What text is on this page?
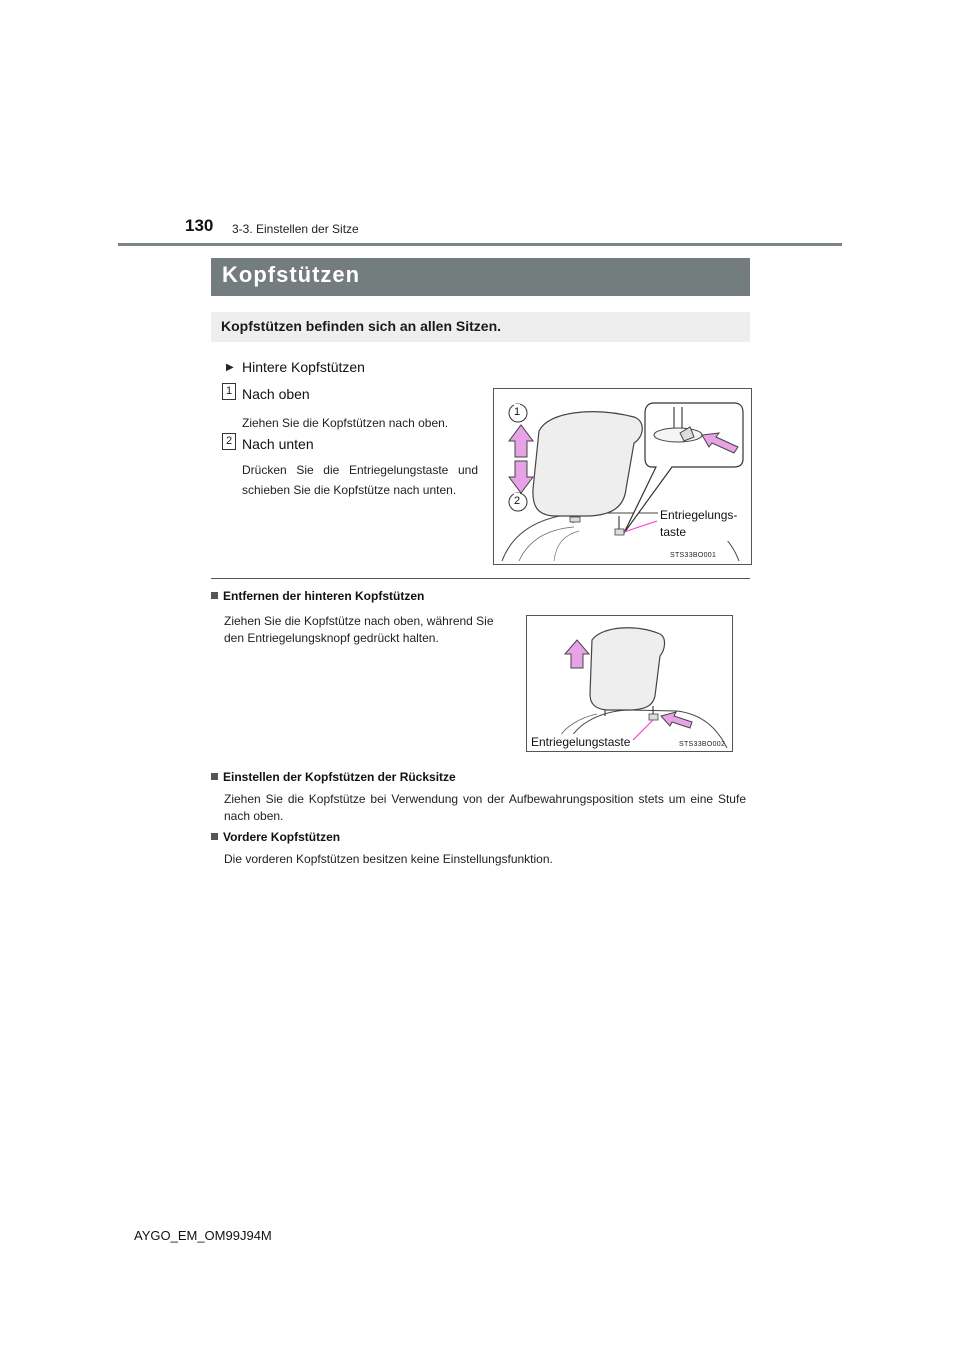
130 3-3. Einstellen der Sitze
Kopfstützen
Kopfstützen befinden sich an allen Sitzen.
▶ Hintere Kopfstützen
1 Nach oben
Ziehen Sie die Kopfstützen nach oben.
2 Nach unten
Drücken Sie die Entriegelungstaste und schieben Sie die Kopfstütze nach unten.
1
2
Entriegelungs-
taste
STS33BO001
Entfernen der hinteren Kopfstützen
Ziehen Sie die Kopfstütze nach oben, während Sie den Entriegelungsknopf gedrückt halten.
Entriegelungstaste	STS33BO002
Einstellen der Kopfstützen der Rücksitze
Ziehen Sie die Kopfstütze bei Verwendung von der Aufbewahrungsposition stets um eine Stufe nach oben.
Vordere Kopfstützen
Die vorderen Kopfstützen besitzen keine Einstellungsfunktion.
AYGO_EM_OM99J94M
